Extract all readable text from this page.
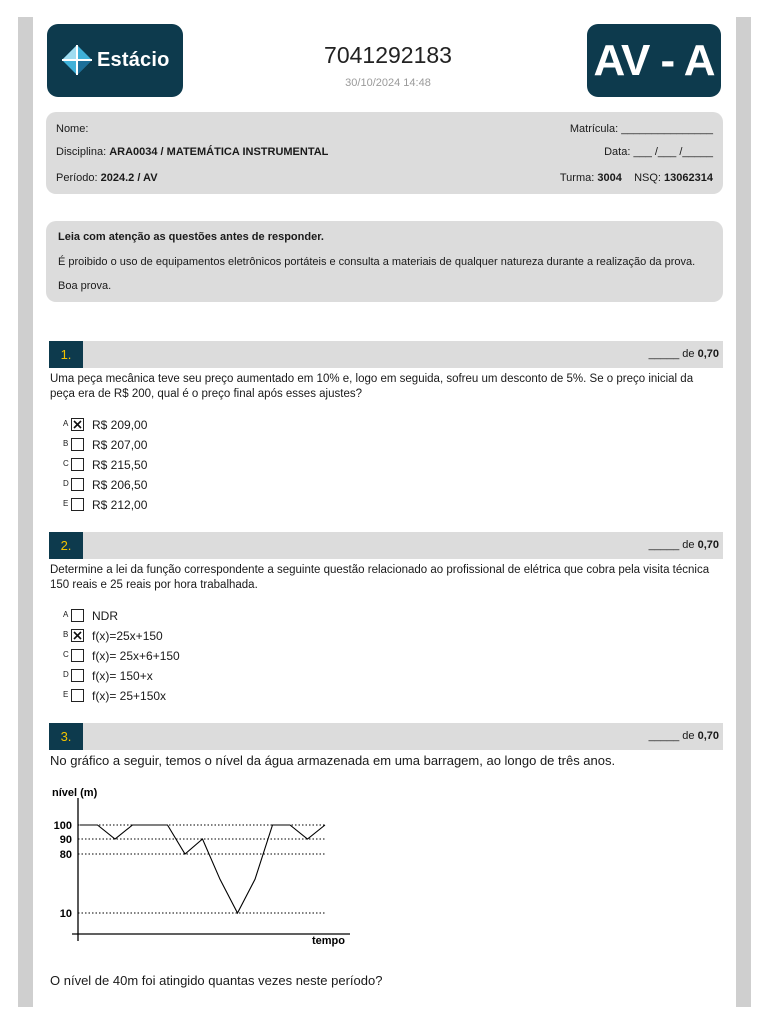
Estácio	7041292183
30/10/2024 14:48	AV - A
Nome:	Matrícula: _______________
Disciplina: ARA0034 / MATEMÁTICA INSTRUMENTAL	Data: ___ /___ /_____
Período: 2024.2 / AV	Turma: 3004 NSQ: 13062314
Leia com atenção as questões antes de responder.
É proibido o uso de equipamentos eletrônicos portáteis e consulta a materiais de qualquer natureza durante a realização da prova.
Boa prova.
1.	_____ de 0,70
Uma peça mecânica teve seu preço aumentado em 10% e, logo em seguida, sofreu um desconto de 5%. Se o preço inicial da peça era de R$ 200, qual é o preço final após esses ajustes?
A R$ 209,00
B R$ 207,00
C R$ 215,50
D R$ 206,50
E R$ 212,00
2.	_____ de 0,70
Determine a lei da função correspondente a seguinte questão relacionado ao profissional de elétrica que cobra pela visita técnica 150 reais e 25 reais por hora trabalhada.
A NDR
B f(x)=25x+150
C f(x)= 25x+6+150
D f(x)= 150+x
E f(x)= 25+150x
3.	_____ de 0,70
No gráfico a seguir, temos o nível da água armazenada em uma barragem, ao longo de três anos.
nível (m)
tempo
100
90
80
10
O nível de 40m foi atingido quantas vezes neste período?
